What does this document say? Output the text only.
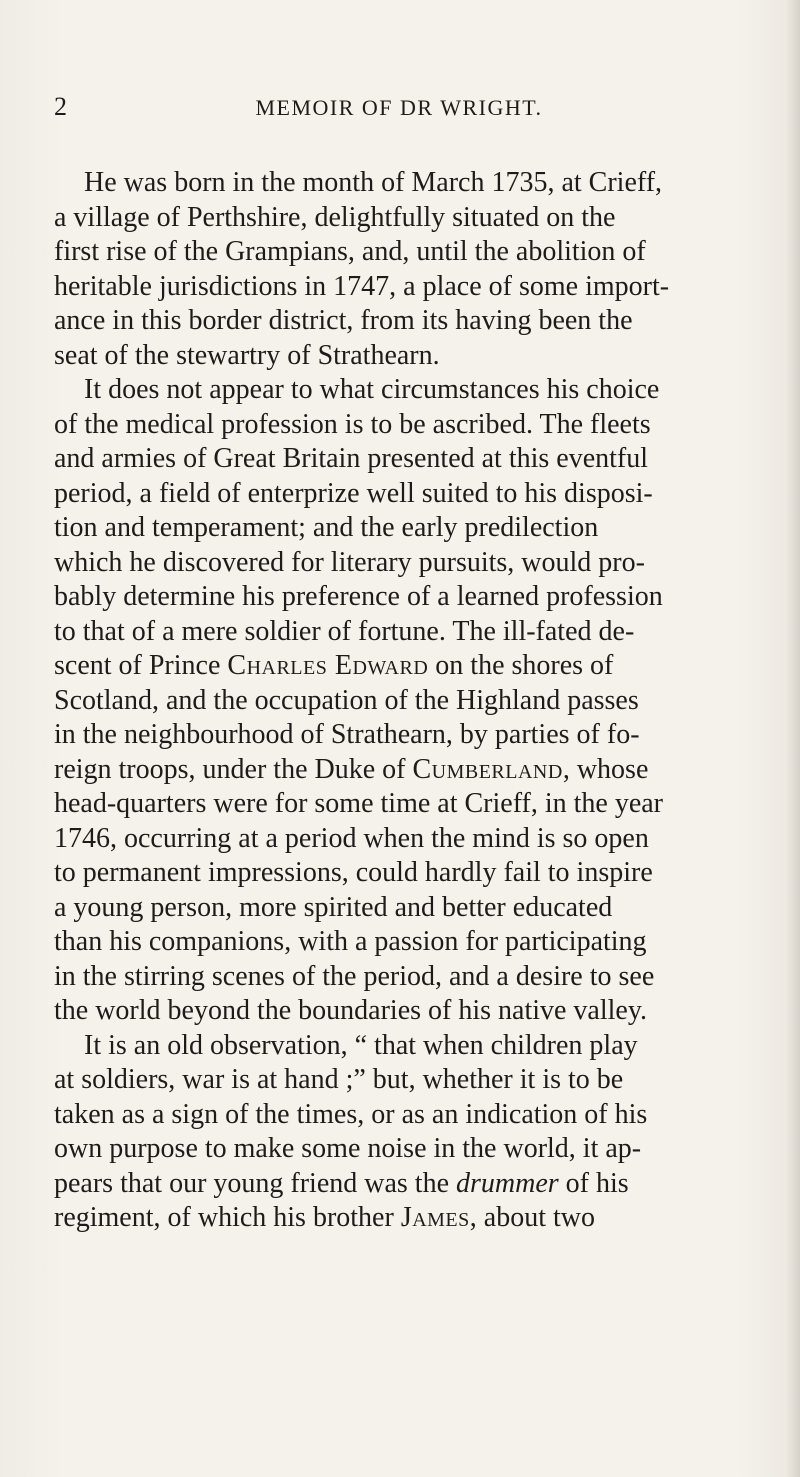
2	MEMOIR OF DR WRIGHT.
He was born in the month of March 1735, at Crieff,
a village of Perthshire, delightfully situated on the
first rise of the Grampians, and, until the abolition of
heritable jurisdictions in 1747, a place of some import-
ance in this border district, from its having been the
seat of the stewartry of Strathearn.
It does not appear to what circumstances his choice
of the medical profession is to be ascribed. The fleets
and armies of Great Britain presented at this eventful
period, a field of enterprize well suited to his disposi-
tion and temperament; and the early predilection
which he discovered for literary pursuits, would pro-
bably determine his preference of a learned profession
to that of a mere soldier of fortune. The ill-fated de-
scent of Prince Charles Edward on the shores of
Scotland, and the occupation of the Highland passes
in the neighbourhood of Strathearn, by parties of fo-
reign troops, under the Duke of Cumberland, whose
head-quarters were for some time at Crieff, in the year
1746, occurring at a period when the mind is so open
to permanent impressions, could hardly fail to inspire
a young person, more spirited and better educated
than his companions, with a passion for participating
in the stirring scenes of the period, and a desire to see
the world beyond the boundaries of his native valley.
It is an old observation, “ that when children play
at soldiers, war is at hand ;” but, whether it is to be
taken as a sign of the times, or as an indication of his
own purpose to make some noise in the world, it ap-
pears that our young friend was the drummer of his
regiment, of which his brother James, about two
